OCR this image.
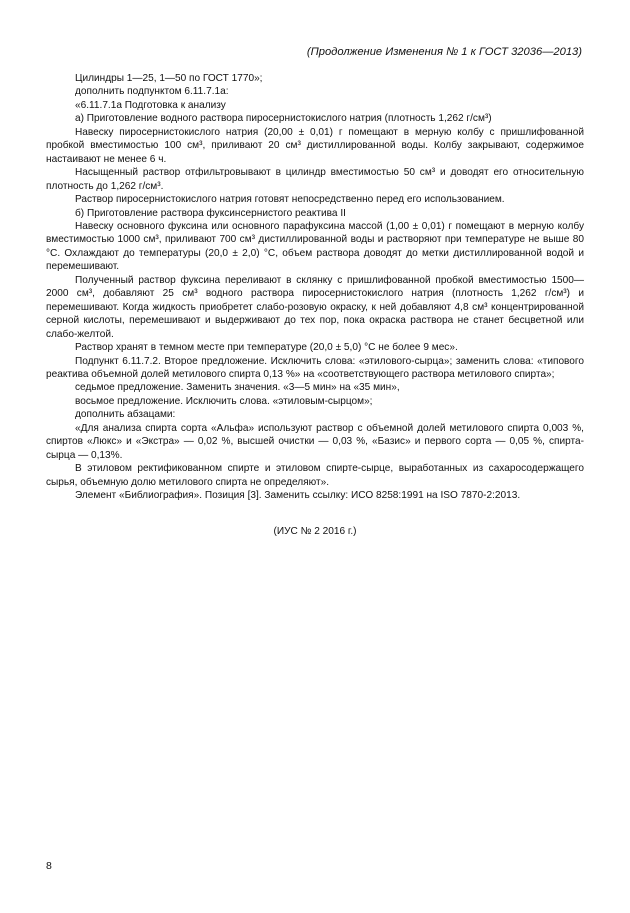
(Продолжение Изменения № 1 к ГОСТ 32036—2013)

Цилиндры 1—25, 1—50 по ГОСТ 1770»;

дополнить подпунктом 6.11.7.1а:

«6.11.7.1а Подготовка к анализу

а) Приготовление водного раствора пиросернистокислого натрия (плотность 1,262 г/см³)

Навеску пиросернистокислого натрия (20,00 ± 0,01) г помещают в мерную колбу с пришлифованной пробкой вместимостью 100 см³, приливают 20 см³ дистиллированной воды. Колбу закрывают, содержимое настаивают не менее 6 ч.

Насыщенный раствор отфильтровывают в цилиндр вместимостью 50 см³ и доводят его относительную плотность до 1,262 г/см³.

Раствор пиросернистокислого натрия готовят непосредственно перед его использованием.

б) Приготовление раствора фуксинсернистого реактива II

Навеску основного фуксина или основного парафуксина массой (1,00 ± 0,01) г помещают в мерную колбу вместимостью 1000 см³, приливают 700 см³ дистиллированной воды и растворяют при температуре не выше 80 °С. Охлаждают до температуры (20,0 ± 2,0) °С, объем раствора доводят до метки дистиллированной водой и перемешивают.

Полученный раствор фуксина переливают в склянку с пришлифованной пробкой вместимостью 1500—2000 см³, добавляют 25 см³ водного раствора пиросернистокислого натрия (плотность 1,262 г/см³) и перемешивают. Когда жидкость приобретет слабо-розовую окраску, к ней добавляют 4,8 см³ концентрированной серной кислоты, перемешивают и выдерживают до тех пор, пока окраска раствора не станет бесцветной или слабо-желтой.

Раствор хранят в темном месте при температуре (20,0 ± 5,0) °С не более 9 мес».

Подпункт 6.11.7.2. Второе предложение. Исключить слова: «этилового-сырца»; заменить слова: «типового реактива объемной долей метилового спирта 0,13 %» на «соответствующего раствора метилового спирта»;

седьмое предложение. Заменить значения. «3—5 мин» на «35 мин»,

восьмое предложение. Исключить слова. «этиловым-сырцом»;

дополнить абзацами:

«Для анализа спирта сорта «Альфа» используют раствор с объемной долей метилового спирта 0,003 %, спиртов «Люкс» и «Экстра» — 0,02 %, высшей очистки — 0,03 %, «Базис» и первого сорта — 0,05 %, спирта-сырца — 0,13%.

В этиловом ректификованном спирте и этиловом спирте-сырце, выработанных из сахаросодержащего сырья, объемную долю метилового спирта не определяют».

Элемент «Библиография». Позиция [3]. Заменить ссылку: ИСО 8258:1991 на ISO 7870-2:2013.

(ИУС № 2 2016 г.)
8
